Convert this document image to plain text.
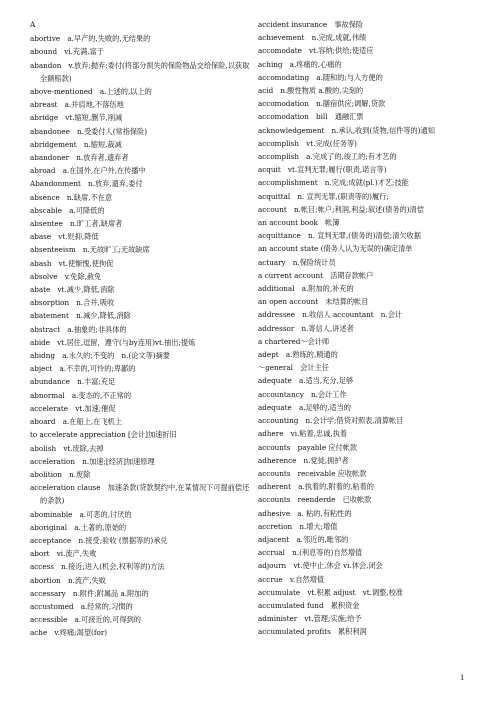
A
abortive　a.早产的,失败的,无结果的
abound　vi.充满,富于
abandon　v.放弃;抛弃;委付(将部分损失的保险物品交给保险,以获取全额赔款)
above-mentioned　a.上述的,以上的
abreast　a.并肩地,不落伍地
abridge　vt.缩短,删节,削减
abandonee　n.受委付人(常指保险)
abridgement　n.缩短,裁减
abandoner　n.放弃者,遗弃者
abroad　a.在国外,在户外,在传播中
Abandonment　n.放弃,遗弃,委付
absence　n.缺席,不在意
abscable　a.可降低的
absentee　n.旷工者,缺席者
abase　vt.贬抑,降低
absenteeism　n.无故旷工;无故缺席
abash　vt.使惭愧,使拘促
absolve　v.免除,赦免
abate　vt.减少,降低,消除
absorption　n.合并,吸收
abatement　n.减少,降低,消除
abstract　a.抽象的;非具体的
abide　vt.居住,逗留，遵守(与by连用)vt.抽出;提炼
abidng　a.永久的;不变的　n.(论文等)摘要
abject　a.不幸的,可怜的;卑鄙的
abundance　n.丰富;充足
abnormal　a.变态的,不正常的
accelerate　vt.加速;催促
aboard　a.在船上,在飞机上
to accelerate appreciation [会计]加速折旧
abolish　vt.废除,去掉
acceleration　n.加速;[经济]加速原理
abolition　n.废除
acceleration clause　加速条款(贷款契约中,在某情况下可提前偿还的条款)
abominable　a.可恶的,讨厌的
aboriginal　a.土著的,原始的
acceptance　n.接受;验收 (票据等的)承兑
abort　vi.流产,失败
access　n.接近;进入(机会,权利等的)方法
abortion　n.流产,失败
accessary　n.附件;附属品 a.附加的
accustomed　a.经常的,习惯的
accessible　a.可接近的,可得到的
ache　v.疼痛;渴望(for)
accident insurance　事故保险
achievement　n.完成,成就,伟绩
accomodate　vt.容纳;供给;使适应
aching　a.疼痛的,心痛的
accomodating　a.随和的;与人方便的
acid　n.酸性物质 a.酸的,尖刻的
accomodation　n.膳宿供应;调解,贷款
accomodation　bill　通融汇票
acknowledgement　n.承认,收到(货物,信件等的)通知
accomplish　vt.完成(任务等)
accomplish　a.完成了的,竣工的;有才艺的
acquit　vt.宣判无罪;履行(职责,诺言等)
accomplishment　n.完成;成就(pl.)才艺;技能
acquittal　n. 宣判无罪,(职责等的)履行;
account　n.帐目;帐户;利润,利益;叙述(债务的)清偿
an account book　帐簿
acquittance　n. 宣判无罪,(债务的)清偿;清欠收据
an account state (债务人认为无误的)确定清单
actuary　n.保险统计员
a current account　活期存款帐户
additional　a.附加的,补充的
an open account　未结算的帐目
addressee　n.收信人 accountant　n.会计
addressor　n.寄信人,讲述者
a chartered～会计师
adept　a.熟练的,精通的
～general　会计主任
adequate　a.适当,充分,足够
accountancy　n.会计工作
adequate　a.足够的,适当的
accounting　n.会计学;借贷对照表,清算帐目
adhere　vi.粘着,忠诚,执着
accounts　payable 应付帐款
adherence　n.党徒,拥护者
accounts　receivable 应收帐款
adherent　a.执着的,附着的,粘着的
accounts　reenderde　已收帐款
adhesive　a. 粘的,有粘性的
accretion　n.增大;增值
adjacent　a.邻近的,毗邻的
accrual　n.(利息等的)自然增值
adjourn　vt.使中止,休会 vi.休会,闭会
accrue　v.自然增值
accumulate　vt.积累 adjust　vt.调整,校准
accumulated fund　累积资金
administer　vt.管理;实施;给予
accumulated profits　累积利润
1
